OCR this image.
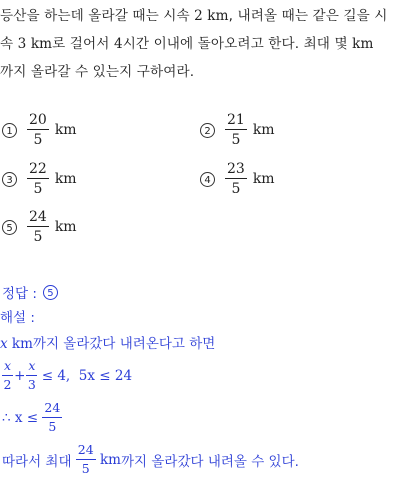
등산을 하는데 올라갈 때는 시속 2 km, 내려올 때는 같은 길을 시
속 3 km로 걸어서 4시간 이내에 돌아오려고 한다. 최대 몇 km
까지 올라갈 수 있는지 구하여라.
1	$\frac{20}{5}$ km	2	$\frac{21}{5}$ km
3	$\frac{22}{5}$ km	4	$\frac{23}{5}$ km
5	$\frac{24}{5}$ km
정답 :	5
해설 :
x km까지 올라갔다 내려온다고 하면
$\frac{x}{2} + \frac{x}{3} \le 4$,  5x ≤ 24
∴ $x \le \frac{24}{5}$
따라서 최대 $\frac{24}{5}$ km 까지 올라갔다 내려올 수 있다.
